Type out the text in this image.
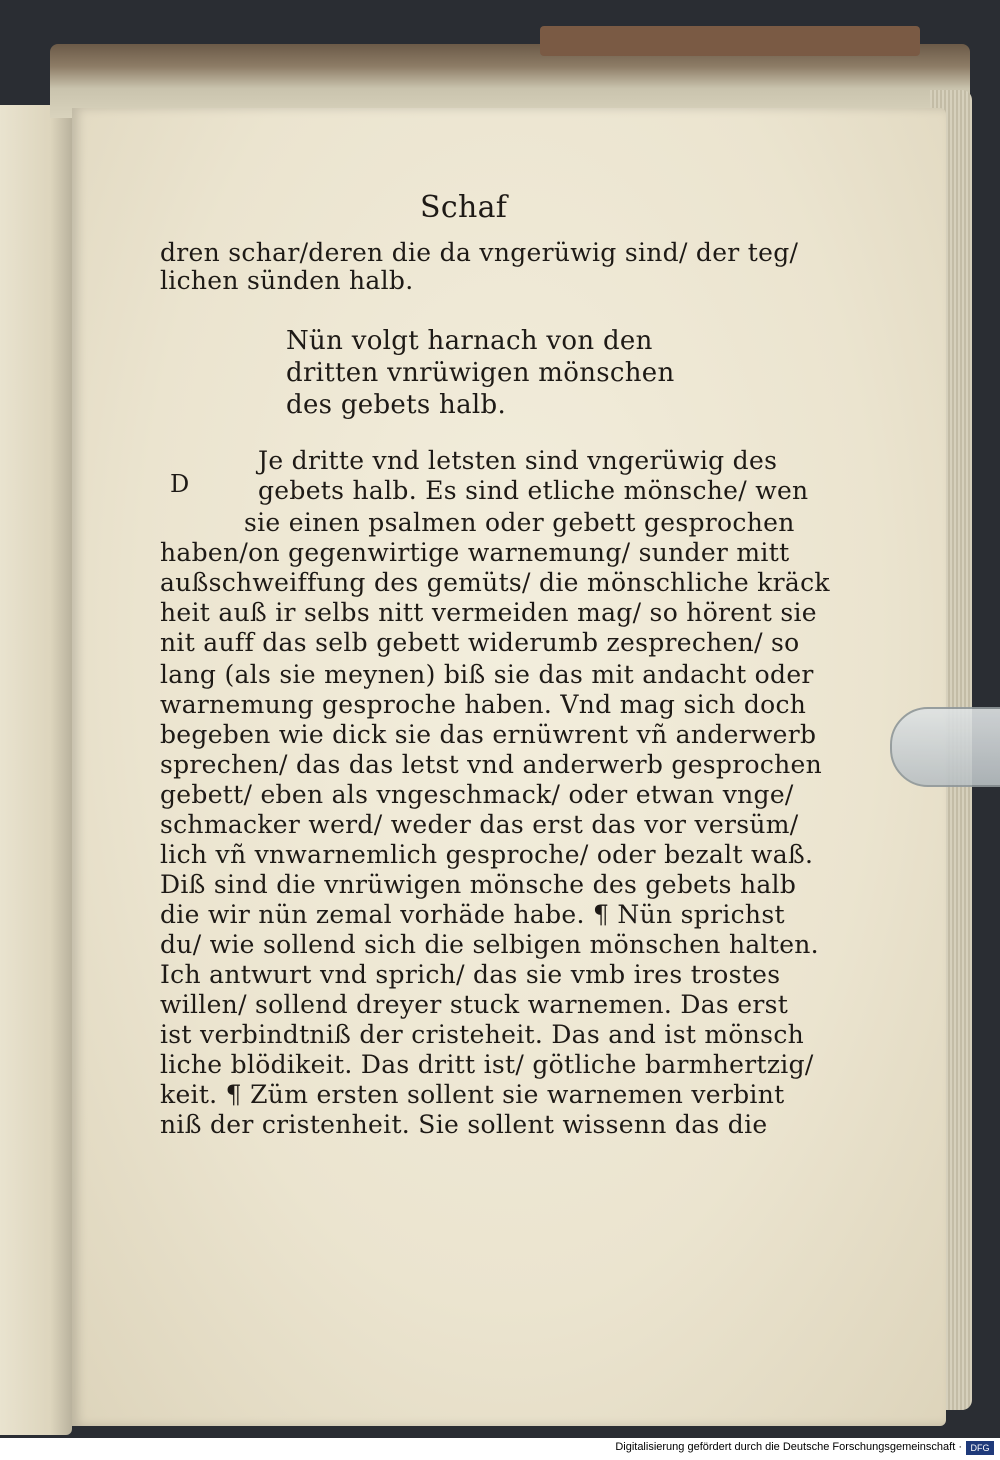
Schaf
dren schar/deren die da vngerüwig sind/ der teg/
lichen sünden halb.
Nün volgt harnach von den
dritten vnrüwigen mönschen
des gebets halb.
D
Je dritte vnd letsten sind vngerüwig des
gebets halb. Es sind etliche mönsche/ wen
sie einen psalmen oder gebett gesprochen
haben/on gegenwirtige warnemung/ sunder mitt
außschweiffung des gemüts/ die mönschliche kräck
heit auß ir selbs nitt vermeiden mag/ so hörent sie
nit auff das selb gebett widerumb zesprechen/ so
lang (als sie meynen) biß sie das mit andacht oder
warnemung gesproche haben. Vnd mag sich doch
begeben wie dick sie das ernüwrent vñ anderwerb
sprechen/ das das letst vnd anderwerb gesprochen
gebett/ eben als vngeschmack/ oder etwan vnge/
schmacker werd/ weder das erst das vor versüm/
lich vñ vnwarnemlich gesproche/ oder bezalt waß.
Diß sind die vnrüwigen mönsche des gebets halb
die wir nün zemal vorhäde habe. ¶ Nün sprichst
du/ wie sollend sich die selbigen mönschen halten.
Ich antwurt vnd sprich/ das sie vmb ires trostes
willen/ sollend dreyer stuck warnemen. Das erst
ist verbindtniß der cristeheit. Das and ist mönsch
liche blödikeit. Das dritt ist/ götliche barmhertzig/
keit. ¶ Züm ersten sollent sie warnemen verbint
niß der cristenheit. Sie sollent wissenn das die
Digitalisierung gefördert durch die Deutsche Forschungsgemeinschaft · DFG
